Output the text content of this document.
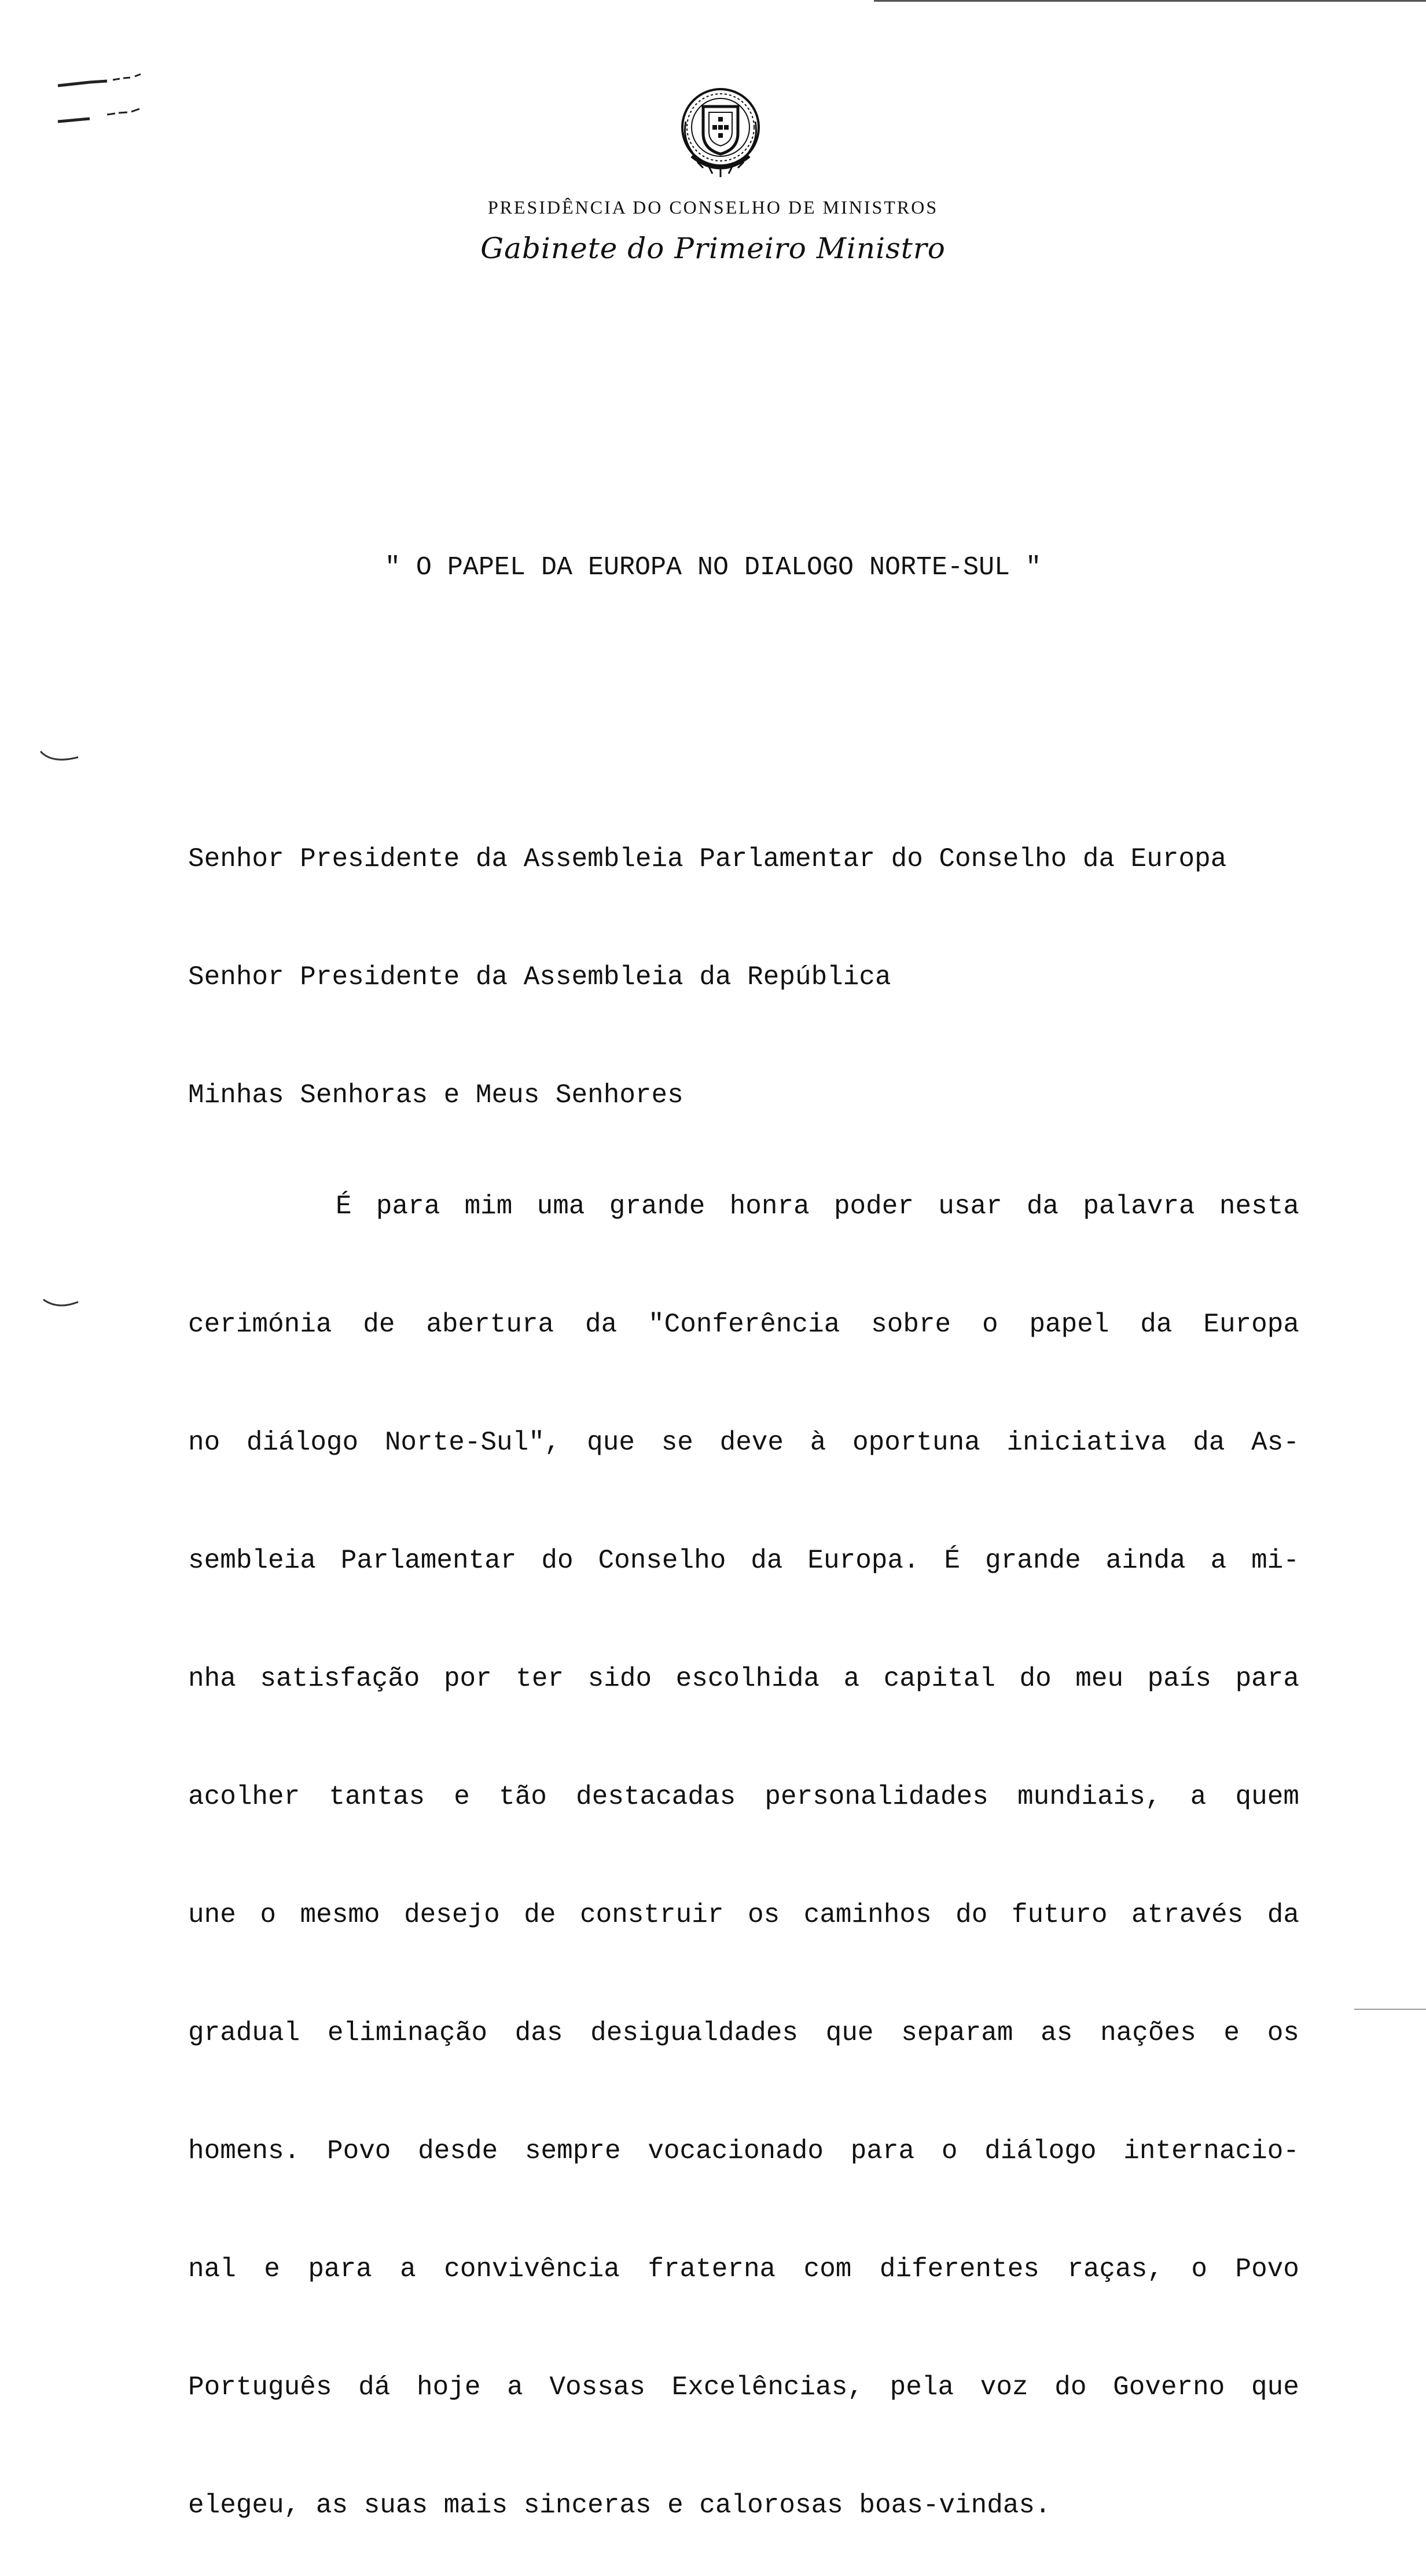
PRESIDÊNCIA DO CONSELHO DE MINISTROS
Gabinete do Primeiro Ministro
" O PAPEL DA EUROPA NO DIALOGO NORTE-SUL "

Senhor Presidente da Assembleia Parlamentar do Conselho da Europa

Senhor Presidente da Assembleia da República

Minhas Senhoras e Meus Senhores

É para mim uma grande honra poder usar da palavra nesta

cerimónia de abertura da "Conferência sobre o papel da Europa

no diálogo Norte-Sul", que se deve à oportuna iniciativa da As-

sembleia Parlamentar do Conselho da Europa. É grande ainda a mi-

nha satisfação por ter sido escolhida a capital do meu país para

acolher tantas e tão destacadas personalidades mundiais, a quem

une o mesmo desejo de construir os caminhos do futuro através da

gradual eliminação das desigualdades que separam as nações e os

homens. Povo desde sempre vocacionado para o diálogo internacio-

nal e para a convivência fraterna com diferentes raças, o Povo

Português dá hoje a Vossas Excelências, pela voz do Governo que

elegeu, as suas mais sinceras e calorosas boas-vindas.
